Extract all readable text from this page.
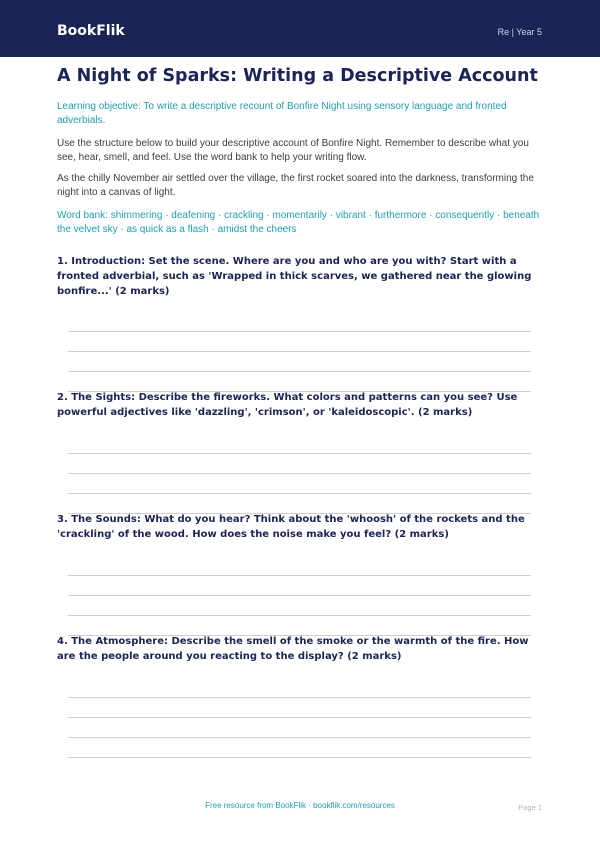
BookFlik	Re | Year 5
A Night of Sparks: Writing a Descriptive Account

Learning objective: To write a descriptive recount of Bonfire Night using sensory language and fronted adverbials.

Use the structure below to build your descriptive account of Bonfire Night. Remember to describe what you see, hear, smell, and feel. Use the word bank to help your writing flow.

As the chilly November air settled over the village, the first rocket soared into the darkness, transforming the night into a canvas of light.

Word bank: shimmering · deafening · crackling · momentarily · vibrant · furthermore · consequently · beneath the velvet sky · as quick as a flash · amidst the cheers

1. Introduction: Set the scene. Where are you and who are you with? Start with a fronted adverbial, such as 'Wrapped in thick scarves, we gathered near the glowing bonfire...' (2 marks)

2. The Sights: Describe the fireworks. What colors and patterns can you see? Use powerful adjectives like 'dazzling', 'crimson', or 'kaleidoscopic'. (2 marks)

3. The Sounds: What do you hear? Think about the 'whoosh' of the rockets and the 'crackling' of the wood. How does the noise make you feel? (2 marks)

4. The Atmosphere: Describe the smell of the smoke or the warmth of the fire. How are the people around you reacting to the display? (2 marks)

Free resource from BookFlik · bookflik.com/resources	Page 1
